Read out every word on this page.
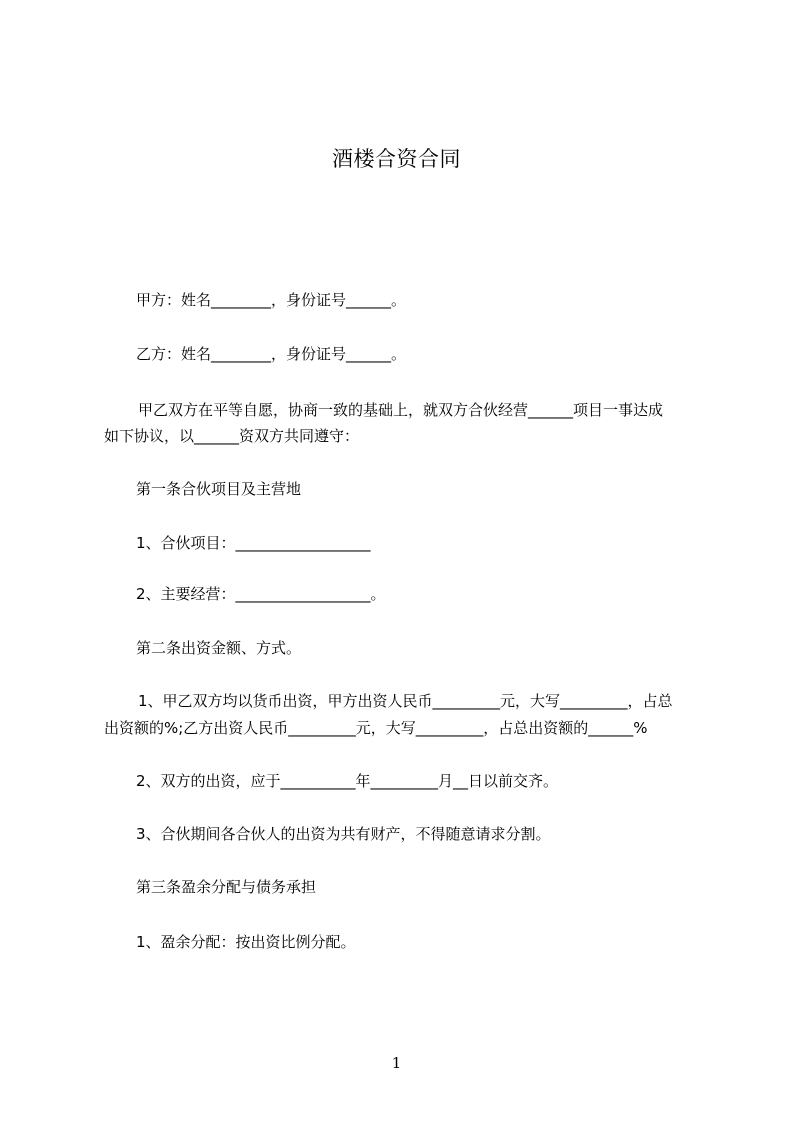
酒楼合资合同
甲方：姓名________，身份证号______。
乙方：姓名________，身份证号______。
甲乙双方在平等自愿，协商一致的基础上，就双方合伙经营______项目一事达成
如下协议，以______资双方共同遵守：
第一条合伙项目及主营地
1、合伙项目：__________________
2、主要经营：__________________。
第二条出资金额、方式。
1、甲乙双方均以货币出资，甲方出资人民币_________元，大写_________，占总
出资额的%;乙方出资人民币_________元，大写_________，占总出资额的______%
2、双方的出资，应于__________年_________月__日以前交齐。
3、合伙期间各合伙人的出资为共有财产，不得随意请求分割。
第三条盈余分配与债务承担
1、盈余分配：按出资比例分配。
1
